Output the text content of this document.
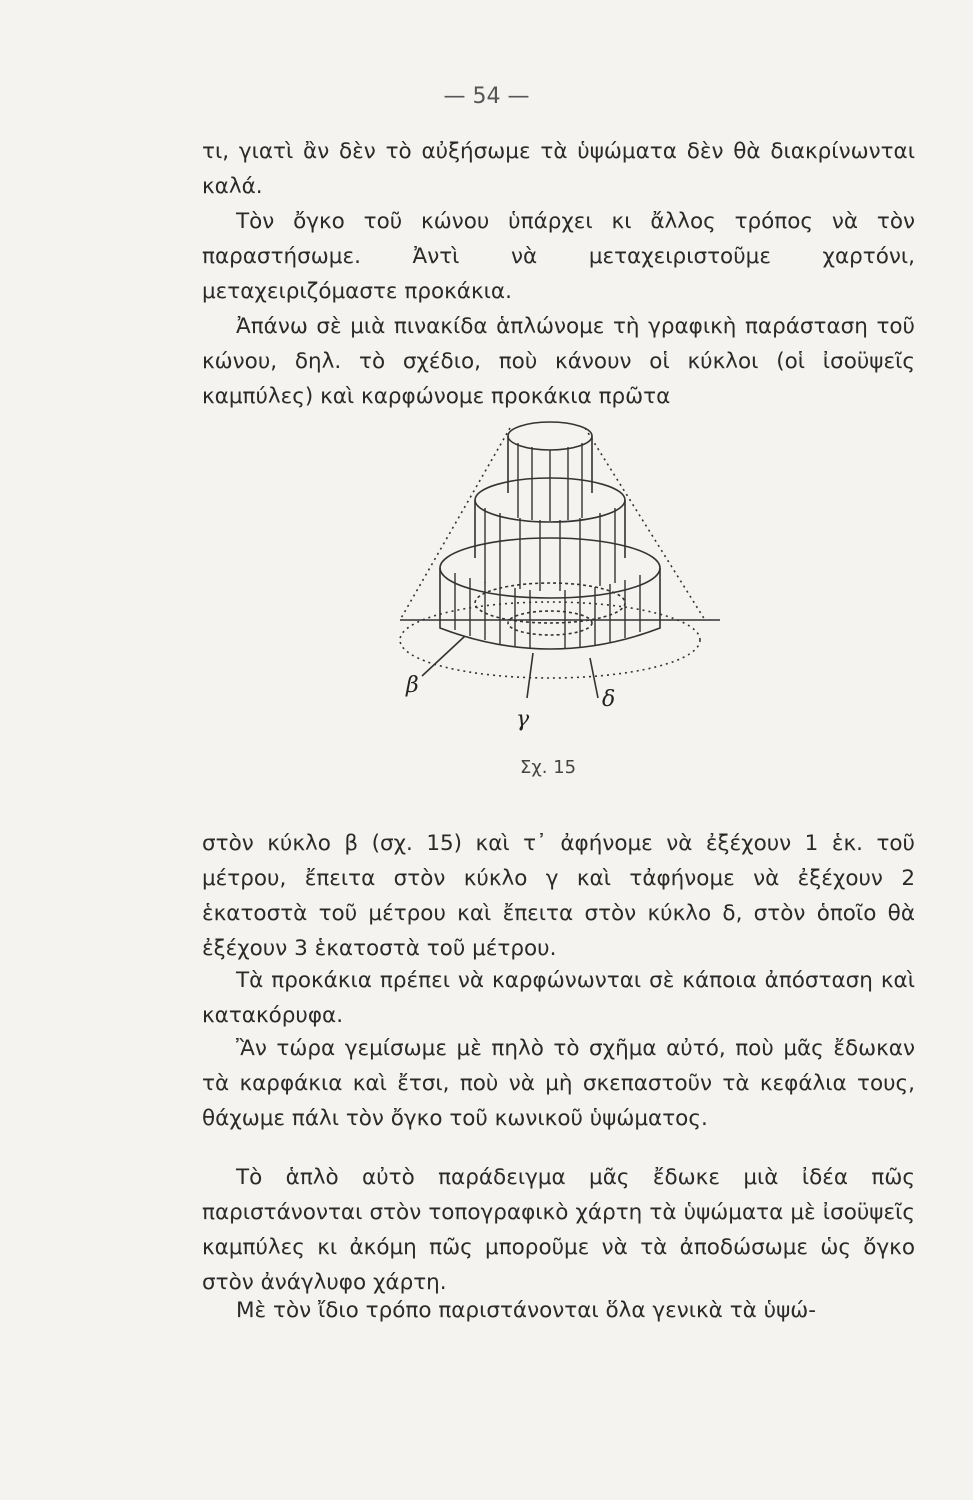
— 54 —

τι, γιατὶ ἂν δὲν τὸ αὐξήσωμε τὰ ὑψώματα δὲν θὰ διακρίνωνται καλά.

Τὸν ὄγκο τοῦ κώνου ὑπάρχει κι ἄλλος τρόπος νὰ τὸν παραστήσωμε. Ἀντὶ νὰ μεταχειριστοῦμε χαρτόνι, μεταχειριζόμαστε προκάκια.

Ἀπάνω σὲ μιὰ πινακίδα ἁπλώνομε τὴ γραφικὴ παράσταση τοῦ κώνου, δηλ. τὸ σχέδιο, ποὺ κάνουν οἱ κύκλοι (οἱ ἰσοϋψεῖς καμπύλες) καὶ καρφώνομε προκάκια πρῶτα

β
γ
δ
Σχ. 15

στὸν κύκλο β (σχ. 15) καὶ τ᾿ ἀφήνομε νὰ ἐξέχουν 1 ἑκ. τοῦ μέτρου, ἔπειτα στὸν κύκλο γ καὶ τἀφήνομε νὰ ἐξέχουν 2 ἑκατοστὰ τοῦ μέτρου καὶ ἔπειτα στὸν κύκλο δ, στὸν ὁποῖο θὰ ἐξέχουν 3 ἑκατοστὰ τοῦ μέτρου.

Τὰ προκάκια πρέπει νὰ καρφώνωνται σὲ κάποια ἀπόσταση καὶ κατακόρυφα.

Ἂν τώρα γεμίσωμε μὲ πηλὸ τὸ σχῆμα αὐτό, ποὺ μᾶς ἔδωκαν τὰ καρφάκια καὶ ἔτσι, ποὺ νὰ μὴ σκεπαστοῦν τὰ κεφάλια τους, θάχωμε πάλι τὸν ὄγκο τοῦ κωνικοῦ ὑψώματος.

Τὸ ἁπλὸ αὐτὸ παράδειγμα μᾶς ἔδωκε μιὰ ἰδέα πῶς παριστάνονται στὸν τοπογραφικὸ χάρτη τὰ ὑψώματα μὲ ἰσοϋψεῖς καμπύλες κι ἀκόμη πῶς μποροῦμε νὰ τὰ ἀποδώσωμε ὡς ὄγκο στὸν ἀνάγλυφο χάρτη.

Μὲ τὸν ἴδιο τρόπο παριστάνονται ὅλα γενικὰ τὰ ὑψώ-
